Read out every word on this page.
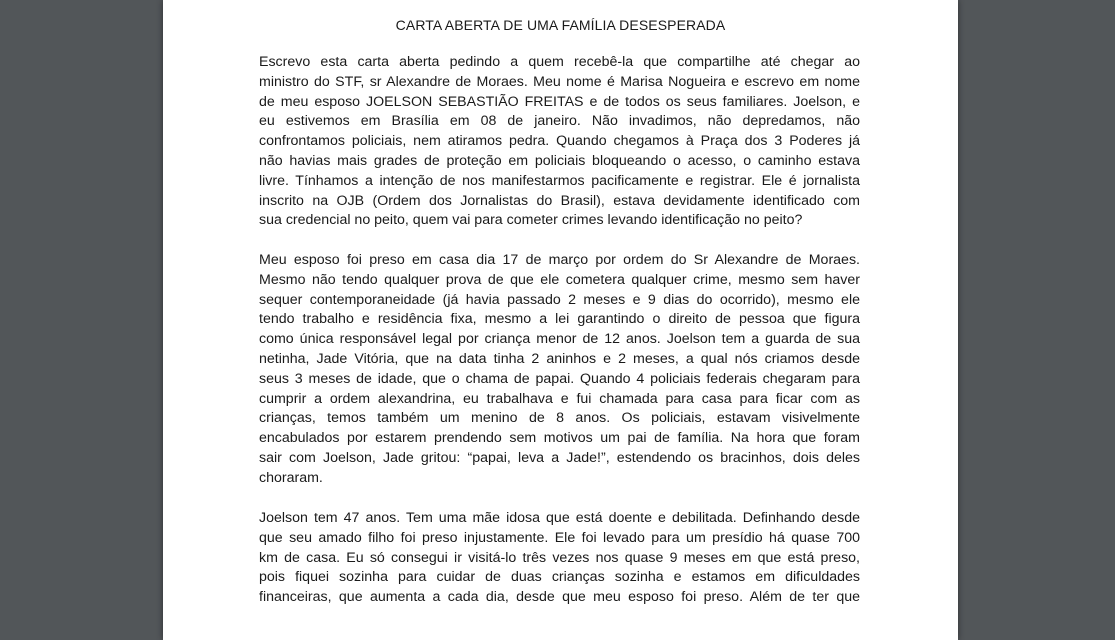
CARTA ABERTA DE UMA FAMÍLIA DESESPERADA
Escrevo esta carta aberta pedindo a quem recebê-la que compartilhe até chegar ao
ministro do STF, sr Alexandre de Moraes. Meu nome é Marisa Nogueira e escrevo em nome
de meu esposo JOELSON SEBASTIÃO FREITAS e de todos os seus familiares. Joelson, e
eu estivemos em Brasília em 08 de janeiro. Não invadimos, não depredamos, não
confrontamos policiais, nem atiramos pedra. Quando chegamos à Praça dos 3 Poderes já
não havias mais grades de proteção em policiais bloqueando o acesso, o caminho estava
livre. Tínhamos a intenção de nos manifestarmos pacificamente e registrar. Ele é jornalista
inscrito na OJB (Ordem dos Jornalistas do Brasil), estava devidamente identificado com
sua credencial no peito, quem vai para cometer crimes levando identificação no peito?
Meu esposo foi preso em casa dia 17 de março por ordem do Sr Alexandre de Moraes.
Mesmo não tendo qualquer prova de que ele cometera qualquer crime, mesmo sem haver
sequer contemporaneidade (já havia passado 2 meses e 9 dias do ocorrido), mesmo ele
tendo trabalho e residência fixa, mesmo a lei garantindo o direito de pessoa que figura
como única responsável legal por criança menor de 12 anos. Joelson tem a guarda de sua
netinha, Jade Vitória, que na data tinha 2 aninhos e 2 meses, a qual nós criamos desde
seus 3 meses de idade, que o chama de papai. Quando 4 policiais federais chegaram para
cumprir a ordem alexandrina, eu trabalhava e fui chamada para casa para ficar com as
crianças, temos também um menino de 8 anos. Os policiais, estavam visivelmente
encabulados por estarem prendendo sem motivos um pai de família. Na hora que foram
sair com Joelson, Jade gritou: “papai, leva a Jade!”, estendendo os bracinhos, dois deles
choraram.
Joelson tem 47 anos. Tem uma mãe idosa que está doente e debilitada. Definhando desde
que seu amado filho foi preso injustamente. Ele foi levado para um presídio há quase 700
km de casa. Eu só consegui ir visitá-lo três vezes nos quase 9 meses em que está preso,
pois fiquei sozinha para cuidar de duas crianças sozinha e estamos em dificuldades
financeiras, que aumenta a cada dia, desde que meu esposo foi preso. Além de ter que
